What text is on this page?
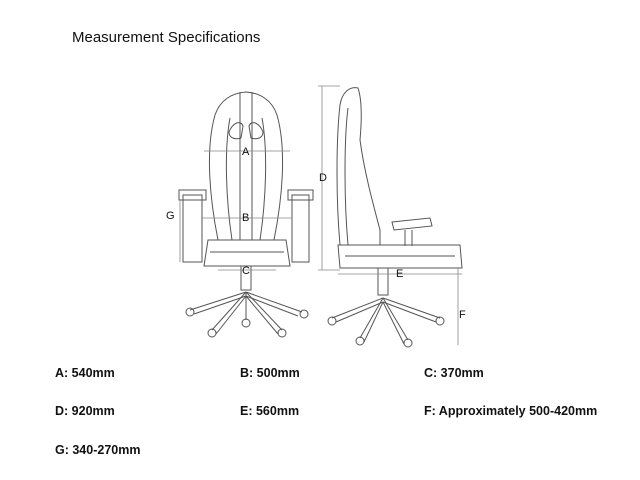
Measurement Specifications
A
B
C
D
E
F
G
A: 540mm	B: 500mm	C: 370mm
D: 920mm	E: 560mm	F: Approximately 500-420mm
G: 340-270mm
